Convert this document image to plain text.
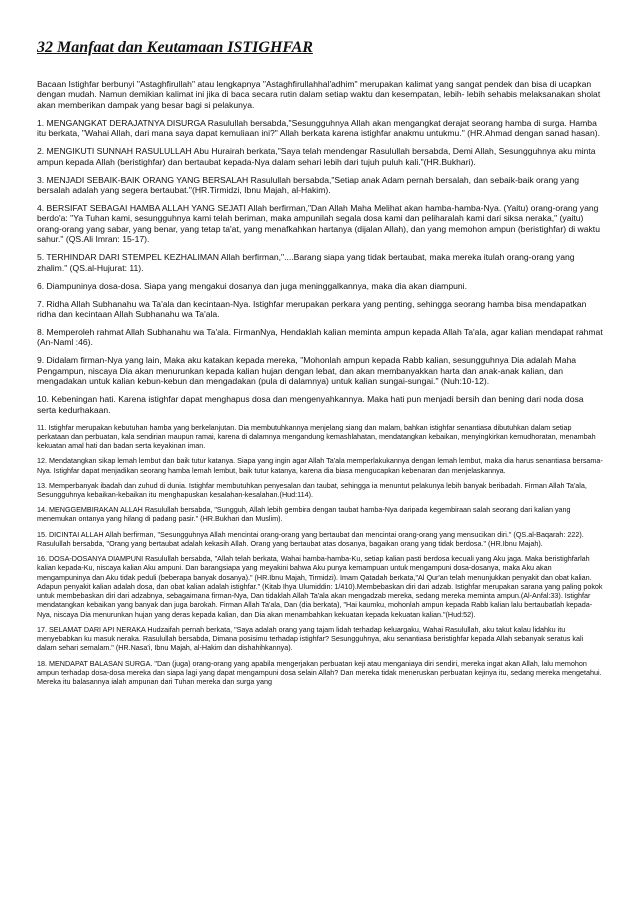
32 Manfaat dan Keutamaan ISTIGHFAR

Bacaan Istighfar berbunyi "Astaghfirullah" atau lengkapnya "Astaghfirullahhal'adhim" merupakan kalimat yang sangat pendek dan bisa di ucapkan dengan mudah. Namun demikian kalimat ini jika di baca secara rutin dalam setiap waktu dan kesempatan, lebih- lebih sehabis melaksanakan sholat akan memberikan dampak yang besar bagi si pelakunya.

1. MENGANGKAT DERAJATNYA DISURGA Rasulullah bersabda,"Sesungguhnya Allah akan mengangkat derajat seorang hamba di surga. Hamba itu berkata, "Wahai Allah, dari mana saya dapat kemuliaan ini?" Allah berkata karena istighfar anakmu untukmu." (HR.Ahmad dengan sanad hasan).

2. MENGIKUTI SUNNAH RASULULLAH Abu Hurairah berkata,"Saya telah mendengar Rasulullah bersabda, Demi Allah, Sesungguhnya aku minta ampun kepada Allah (beristighfar) dan bertaubat kepada-Nya dalam sehari lebih dari tujuh puluh kali."(HR.Bukhari).

3. MENJADI SEBAIK-BAIK ORANG YANG BERSALAH Rasulullah bersabda,"Setiap anak Adam pernah bersalah, dan sebaik-baik orang yang bersalah adalah yang segera bertaubat."(HR.Tirmidzi, Ibnu Majah, al-Hakim).

4. BERSIFAT SEBAGAI HAMBA ALLAH YANG SEJATI Allah berfirman,"Dan Allah Maha Melihat akan hamba-hamba-Nya. (Yaitu) orang-orang yang berdo'a: "Ya Tuhan kami, sesungguhnya kami telah beriman, maka ampunilah segala dosa kami dan peliharalah kami dari siksa neraka," (yaitu) orang-orang yang sabar, yang benar, yang tetap ta'at, yang menafkahkan hartanya (dijalan Allah), dan yang memohon ampun (beristighfar) di waktu sahur." (QS.Ali Imran: 15-17).

5. TERHINDAR DARI STEMPEL KEZHALIMAN Allah berfirman,"....Barang siapa yang tidak bertaubat, maka mereka itulah orang-orang yang zhalim." (QS.al-Hujurat: 11).

6. Diampuninya dosa-dosa. Siapa yang mengakui dosanya dan juga meninggalkannya, maka dia akan diampuni.

7. Ridha Allah Subhanahu wa Ta'ala dan kecintaan-Nya. Istighfar merupakan perkara yang penting, sehingga seorang hamba bisa mendapatkan ridha dan kecintaan Allah Subhanahu wa Ta'ala.

8. Memperoleh rahmat Allah Subhanahu wa Ta'ala. FirmanNya, Hendaklah kalian meminta ampun kepada Allah Ta'ala, agar kalian mendapat rahmat (An-Naml :46).

9. Didalam firman-Nya yang lain, Maka aku katakan kepada mereka, "Mohonlah ampun kepada Rabb kalian, sesungguhnya Dia adalah Maha Pengampun, niscaya Dia akan menurunkan kepada kalian hujan dengan lebat, dan akan membanyakkan harta dan anak-anak kalian, dan mengadakan untuk kalian kebun-kebun dan mengadakan (pula di dalamnya) untuk kalian sungai-sungai." (Nuh:10-12).

10. Kebeningan hati. Karena istighfar dapat menghapus dosa dan mengenyahkannya. Maka hati pun menjadi bersih dan bening dari noda dosa serta kedurhakaan.

11. Istighfar merupakan kebutuhan hamba yang berkelanjutan. Dia membutuhkannya menjelang siang dan malam, bahkan istighfar senantiasa dibutuhkan dalam setiap perkataan dan perbuatan, kala sendirian maupun ramai, karena di dalamnya mengandung kemashlahatan, mendatangkan kebaikan, menyingkirkan kemudhoratan, menambah kekuatan amal hati dan badan serta keyakinan iman.

12. Mendatangkan sikap lemah lembut dan baik tutur katanya. Siapa yang ingin agar Allah Ta'ala memperlakukannya dengan lemah lembut, maka dia harus senantiasa bersama-Nya. Istighfar dapat menjadikan seorang hamba lemah lembut, baik tutur katanya, karena dia biasa mengucapkan kebenaran dan menjelaskannya.

13. Memperbanyak ibadah dan zuhud di dunia. Istighfar membutuhkan penyesalan dan taubat, sehingga ia menuntut pelakunya lebih banyak beribadah. Firman Allah Ta'ala, Sesungguhnya kebaikan-kebaikan itu menghapuskan kesalahan-kesalahan.(Hud:114).

14. MENGGEMBIRAKAN ALLAH Rasulullah bersabda, "Sungguh, Allah lebih gembira dengan taubat hamba-Nya daripada kegembiraan salah seorang dari kalian yang menemukan ontanya yang hilang di padang pasir." (HR.Bukhari dan Muslim).

15. DICINTAI ALLAH Allah berfirman, "Sesungguhnya Allah mencintai orang-orang yang bertaubat dan mencintai orang-orang yang mensucikan diri." (QS.al-Baqarah: 222). Rasulullah bersabda, "Orang yang bertaubat adalah kekasih Allah. Orang yang bertaubat atas dosanya, bagaikan orang yang tidak berdosa." (HR.Ibnu Majah).

16. DOSA-DOSANYA DIAMPUNI Rasulullah bersabda, "Allah telah berkata, Wahai hamba-hamba-Ku, setiap kalian pasti berdosa kecuali yang Aku jaga. Maka beristighfarlah kalian kepada-Ku, niscaya kalian Aku ampuni. Dan barangsiapa yang meyakini bahwa Aku punya kemampuan untuk mengampuni dosa-dosanya, maka Aku akan mengampuninya dan Aku tidak peduli (beberapa banyak dosanya)." (HR.Ibnu Majah, Tirmidzi). Imam Qatadah berkata,"Al Qur'an telah menunjukkan penyakit dan obat kalian. Adapun penyakit kalian adalah dosa, dan obat kalian adalah istighfar." (Kitab Ihya Ulumiddin: 1/410).Membebaskan diri dari adzab. Istighfar merupakan sarana yang paling pokok untuk membebaskan diri dari adzabnya, sebagaimana firman-Nya, Dan tidaklah Allah Ta'ala akan mengadzab mereka, sedang mereka meminta ampun.(Al-Anfal:33). Istighfar mendatangkan kebaikan yang banyak dan juga barokah. Firman Allah Ta'ala, Dan (dia berkata), "Hai kaumku, mohonlah ampun kepada Rabb kalian lalu bertaubatlah kepada-Nya, niscaya Dia menurunkan hujan yang deras kepada kalian, dan Dia akan menambahkan kekuatan kepada kekuatan kalian."(Hud:52).

17. SELAMAT DARI API NERAKA Hudzaifah pernah berkata, "Saya adalah orang yang tajam lidah terhadap keluargaku, Wahai Rasulullah, aku takut kalau lidahku itu menyebabkan ku masuk neraka. Rasulullah bersabda, Dimana posisimu terhadap istighfar? Sesungguhnya, aku senantiasa beristighfar kepada Allah sebanyak seratus kali dalam sehari semalam." (HR.Nasa'i, Ibnu Majah, al-Hakim dan dishahihkannya).

18. MENDAPAT BALASAN SURGA. "Dan (juga) orang-orang yang apabila mengerjakan perbuatan keji atau menganiaya diri sendiri, mereka ingat akan Allah, lalu memohon ampun terhadap dosa-dosa mereka dan siapa lagi yang dapat mengampuni dosa selain Allah? Dan mereka tidak meneruskan perbuatan kejinya itu, sedang mereka mengetahui. Mereka itu balasannya ialah ampunan dari Tuhan mereka dan surga yang
